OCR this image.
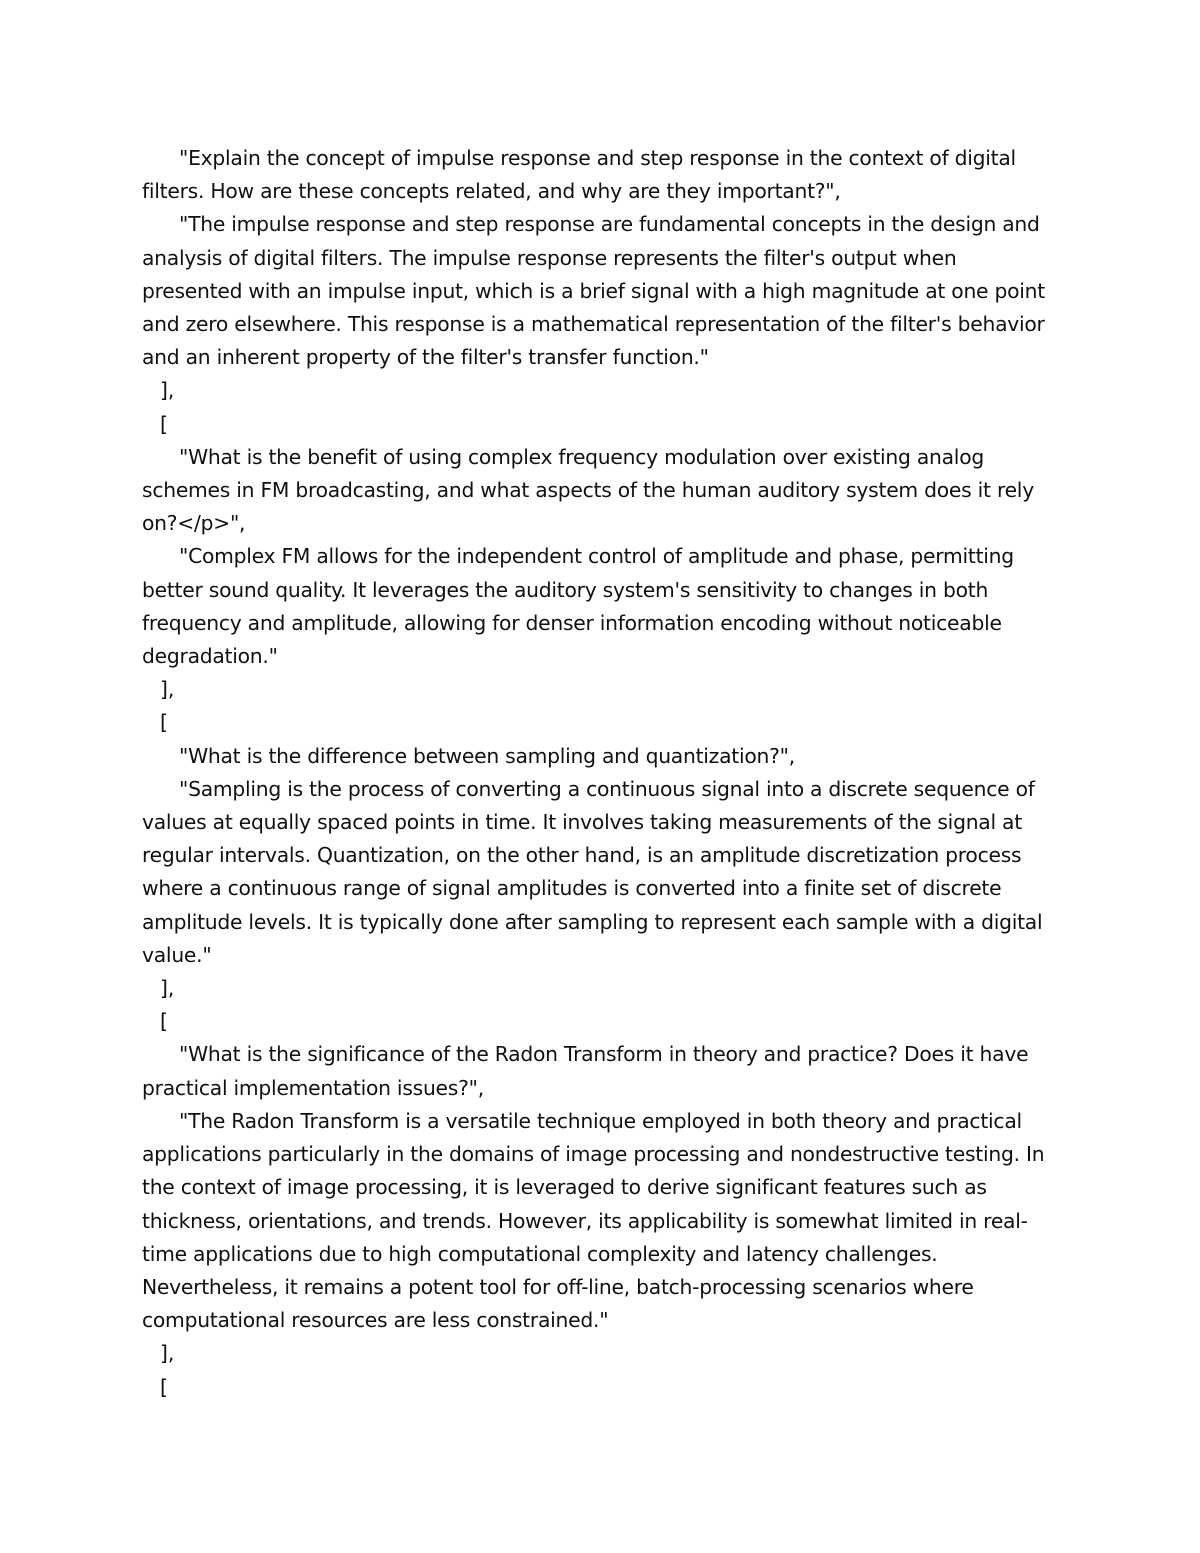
"Explain the concept of impulse response and step response in the context of digital filters. How are these concepts related, and why are they important?",

"The impulse response and step response are fundamental concepts in the design and analysis of digital filters. The impulse response represents the filter's output when presented with an impulse input, which is a brief signal with a high magnitude at one point and zero elsewhere. This response is a mathematical representation of the filter's behavior and an inherent property of the filter's transfer function."

],

[

"What is the benefit of using complex frequency modulation over existing analog schemes in FM broadcasting, and what aspects of the human auditory system does it rely on?</p>",

"Complex FM allows for the independent control of amplitude and phase, permitting better sound quality. It leverages the auditory system's sensitivity to changes in both frequency and amplitude, allowing for denser information encoding without noticeable degradation."

],

[

"What is the difference between sampling and quantization?",

"Sampling is the process of converting a continuous signal into a discrete sequence of values at equally spaced points in time. It involves taking measurements of the signal at regular intervals. Quantization, on the other hand, is an amplitude discretization process where a continuous range of signal amplitudes is converted into a finite set of discrete amplitude levels. It is typically done after sampling to represent each sample with a digital value."

],

[

"What is the significance of the Radon Transform in theory and practice? Does it have practical implementation issues?",

"The Radon Transform is a versatile technique employed in both theory and practical applications particularly in the domains of image processing and nondestructive testing. In the context of image processing, it is leveraged to derive significant features such as thickness, orientations, and trends. However, its applicability is somewhat limited in real-time applications due to high computational complexity and latency challenges. Nevertheless, it remains a potent tool for off-line, batch-processing scenarios where computational resources are less constrained."

],

[
